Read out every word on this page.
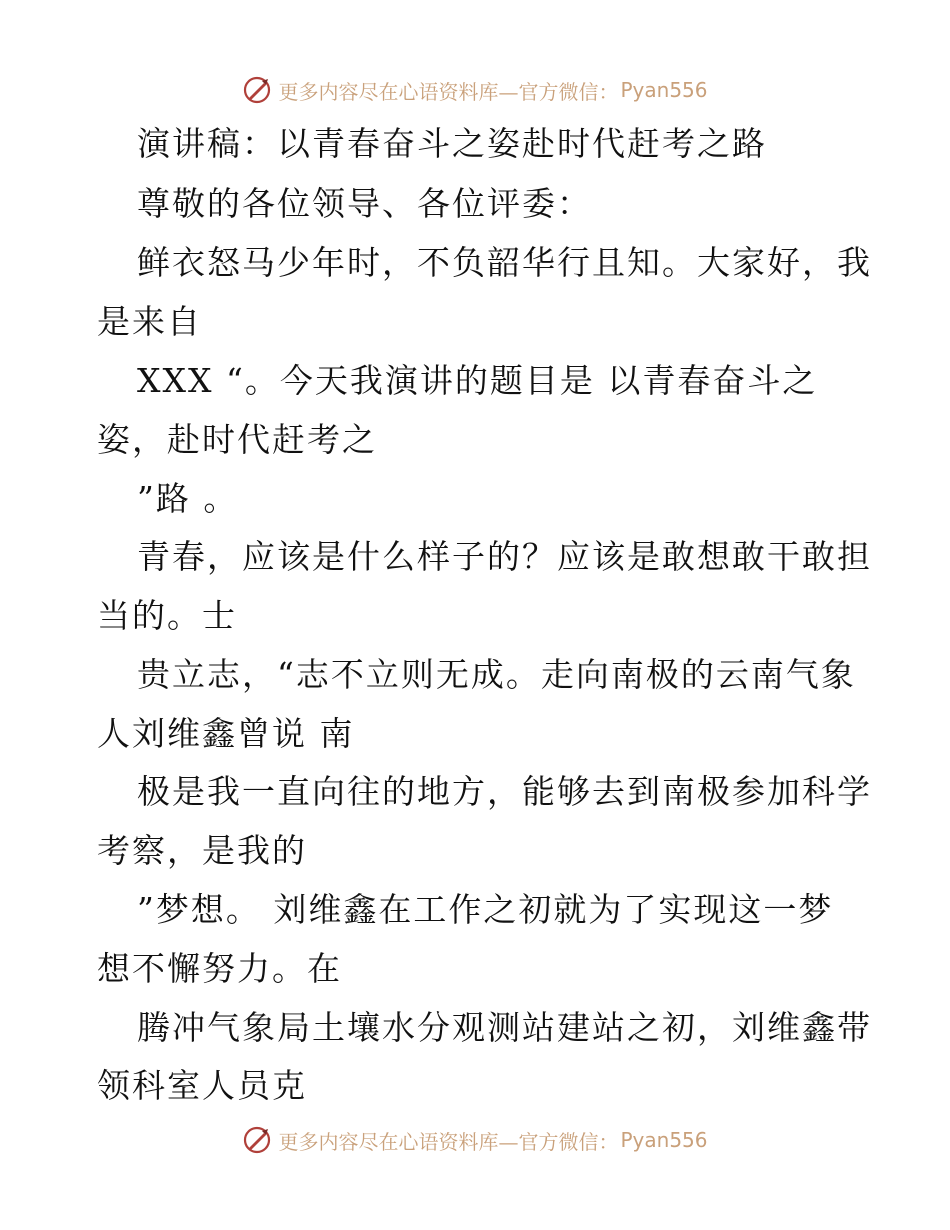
更多内容尽在心语资料库—官方微信： Pyan556
演讲稿：以青春奋斗之姿赴时代赶考之路
尊敬的各位领导、各位评委：
鲜衣怒马少年时，不负韶华行且知。大家好，我
是来自
XXX “。今天我演讲的题目是 以青春奋斗之
姿，赴时代赶考之
”路 。
青春，应该是什么样子的？应该是敢想敢干敢担
当的。士
贵立志，“志不立则无成。走向南极的云南气象
人刘维鑫曾说 南
极是我一直向往的地方，能够去到南极参加科学
考察，是我的
”梦想。 刘维鑫在工作之初就为了实现这一梦
想不懈努力。在
腾冲气象局土壤水分观测站建站之初，刘维鑫带
领科室人员克
更多内容尽在心语资料库—官方微信： Pyan556
